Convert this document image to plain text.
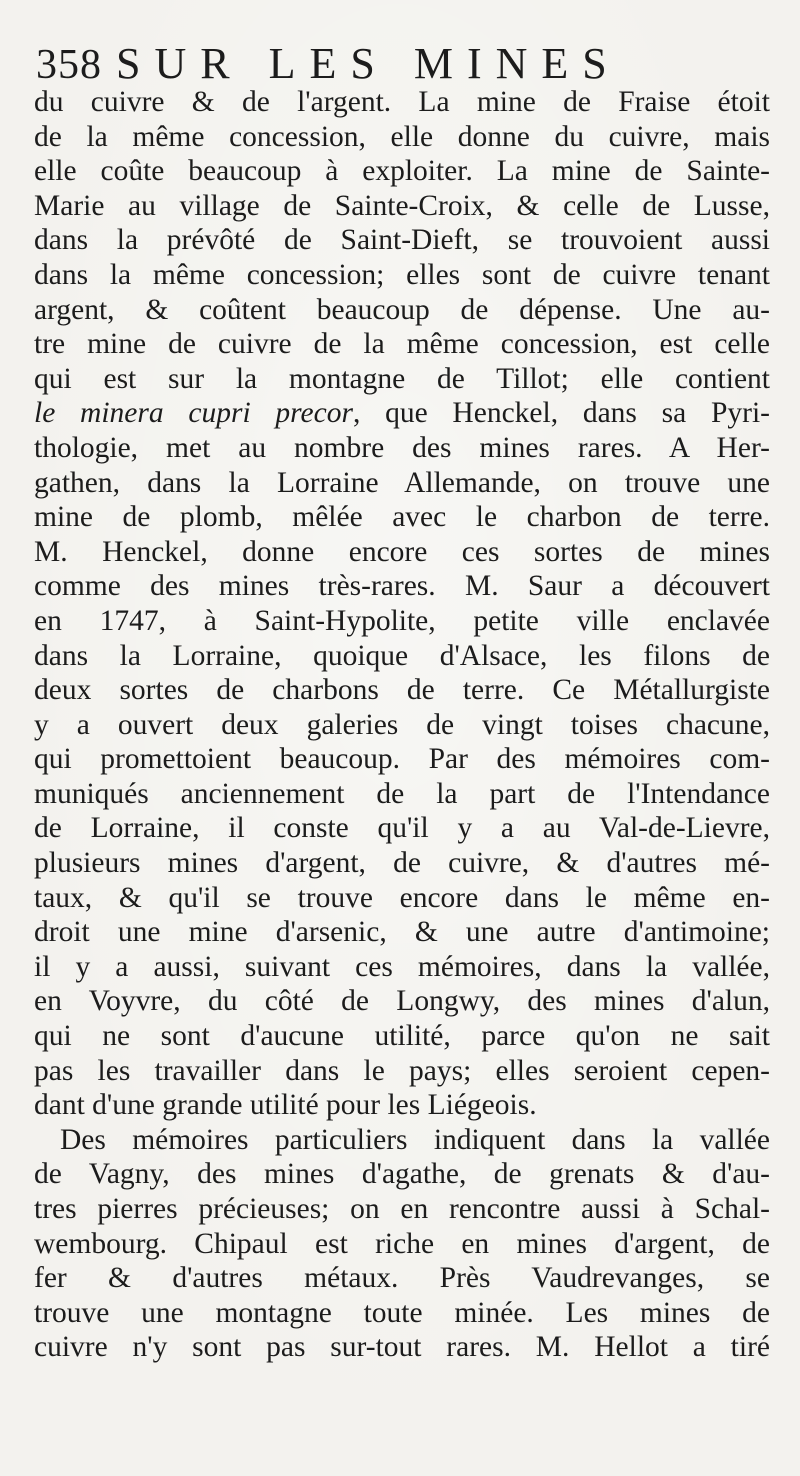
358 SUR LES MINES
du cuivre & de l'argent. La mine de Fraise étoit
de la même concession, elle donne du cuivre, mais
elle coûte beaucoup à exploiter. La mine de Sainte-
Marie au village de Sainte-Croix, & celle de Lusse,
dans la prévôté de Saint-Dieft, se trouvoient aussi
dans la même concession; elles sont de cuivre tenant
argent, & coûtent beaucoup de dépense. Une au-
tre mine de cuivre de la même concession, est celle
qui est sur la montagne de Tillot; elle contient
le minera cupri precor, que Henckel, dans sa Pyri-
thologie, met au nombre des mines rares. A Her-
gathen, dans la Lorraine Allemande, on trouve une
mine de plomb, mêlée avec le charbon de terre.
M. Henckel, donne encore ces sortes de mines
comme des mines très-rares. M. Saur a découvert
en 1747, à Saint-Hypolite, petite ville enclavée
dans la Lorraine, quoique d'Alsace, les filons de
deux sortes de charbons de terre. Ce Métallurgiste
y a ouvert deux galeries de vingt toises chacune,
qui promettoient beaucoup. Par des mémoires com-
muniqués anciennement de la part de l'Intendance
de Lorraine, il conste qu'il y a au Val-de-Lievre,
plusieurs mines d'argent, de cuivre, & d'autres mé-
taux, & qu'il se trouve encore dans le même en-
droit une mine d'arsenic, & une autre d'antimoine;
il y a aussi, suivant ces mémoires, dans la vallée,
en Voyvre, du côté de Longwy, des mines d'alun,
qui ne sont d'aucune utilité, parce qu'on ne sait
pas les travailler dans le pays; elles seroient cepen-
dant d'une grande utilité pour les Liégeois.
Des mémoires particuliers indiquent dans la vallée
de Vagny, des mines d'agathe, de grenats & d'au-
tres pierres précieuses; on en rencontre aussi à Schal-
wembourg. Chipaul est riche en mines d'argent, de
fer & d'autres métaux. Près Vaudrevanges, se
trouve une montagne toute minée. Les mines de
cuivre n'y sont pas sur-tout rares. M. Hellot a tiré
